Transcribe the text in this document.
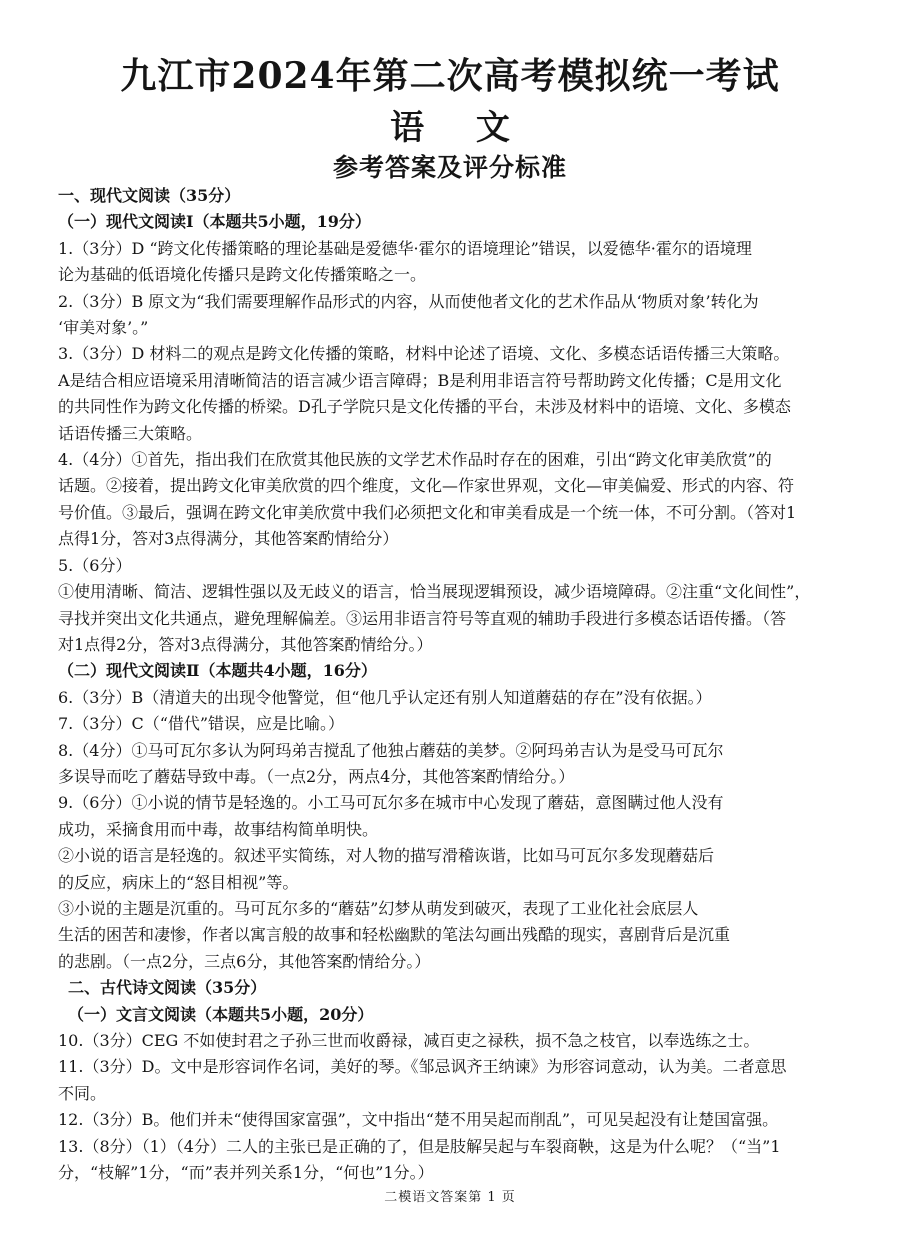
九江市2024年第二次高考模拟统一考试
语 文
参考答案及评分标准
一、现代文阅读（35分）
（一）现代文阅读Ⅰ（本题共5小题，19分）
1.（3分）D “跨文化传播策略的理论基础是爱德华·霍尔的语境理论”错误，以爱德华·霍尔的语境理
论为基础的低语境化传播只是跨文化传播策略之一。
2.（3分）B 原文为“我们需要理解作品形式的内容，从而使他者文化的艺术作品从‘物质对象’转化为
‘审美对象’。”
3.（3分）D 材料二的观点是跨文化传播的策略，材料中论述了语境、文化、多模态话语传播三大策略。
A是结合相应语境采用清晰简洁的语言减少语言障碍；B是利用非语言符号帮助跨文化传播；C是用文化
的共同性作为跨文化传播的桥梁。D孔子学院只是文化传播的平台，未涉及材料中的语境、文化、多模态
话语传播三大策略。
4.（4分）①首先，指出我们在欣赏其他民族的文学艺术作品时存在的困难，引出“跨文化审美欣赏”的
话题。②接着，提出跨文化审美欣赏的四个维度，文化—作家世界观，文化—审美偏爱、形式的内容、符
号价值。③最后，强调在跨文化审美欣赏中我们必须把文化和审美看成是一个统一体，不可分割。（答对1
点得1分，答对3点得满分，其他答案酌情给分）
5.（6分）
①使用清晰、简洁、逻辑性强以及无歧义的语言，恰当展现逻辑预设，减少语境障碍。②注重“文化间性”，
寻找并突出文化共通点，避免理解偏差。③运用非语言符号等直观的辅助手段进行多模态话语传播。（答
对1点得2分，答对3点得满分，其他答案酌情给分。）
（二）现代文阅读Ⅱ（本题共4小题，16分）
6.（3分）B（清道夫的出现令他警觉，但“他几乎认定还有别人知道蘑菇的存在”没有依据。）
7.（3分）C（“借代”错误，应是比喻。）
8.（4分）①马可瓦尔多认为阿玛弟吉搅乱了他独占蘑菇的美梦。②阿玛弟吉认为是受马可瓦尔
多误导而吃了蘑菇导致中毒。（一点2分，两点4分，其他答案酌情给分。）
9.（6分）①小说的情节是轻逸的。小工马可瓦尔多在城市中心发现了蘑菇，意图瞒过他人没有
成功，采摘食用而中毒，故事结构简单明快。
②小说的语言是轻逸的。叙述平实简练，对人物的描写滑稽诙谐，比如马可瓦尔多发现蘑菇后
的反应，病床上的“怒目相视”等。
③小说的主题是沉重的。马可瓦尔多的“蘑菇”幻梦从萌发到破灭，表现了工业化社会底层人
生活的困苦和凄惨，作者以寓言般的故事和轻松幽默的笔法勾画出残酷的现实，喜剧背后是沉重
的悲剧。（一点2分，三点6分，其他答案酌情给分。）
二、古代诗文阅读（35分）
（一）文言文阅读（本题共5小题，20分）
10.（3分）CEG 不如使封君之子孙三世而收爵禄，减百吏之禄秩，损不急之枝官，以奉选练之士。
11.（3分）D。文中是形容词作名词，美好的琴。《邹忌讽齐王纳谏》为形容词意动，认为美。二者意思
不同。
12.（3分）B。他们并未“使得国家富强”，文中指出“楚不用吴起而削乱”，可见吴起没有让楚国富强。
13.（8分）（1）（4分）二人的主张已是正确的了，但是肢解吴起与车裂商鞅，这是为什么呢？（“当”1
分，“枝解”1分，“而”表并列关系1分，“何也”1分。）
二模语文答案第 1 页
